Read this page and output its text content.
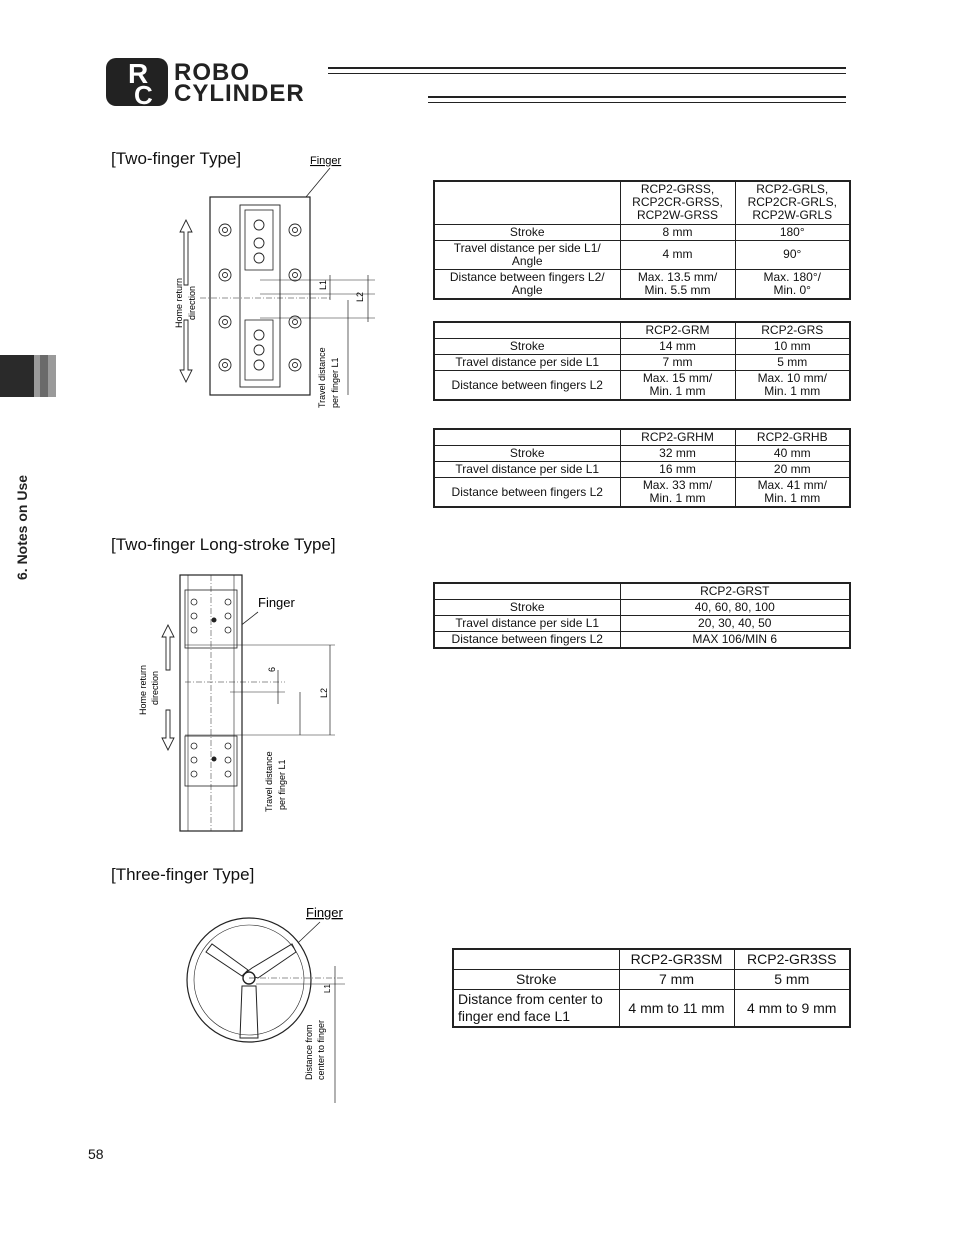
R
C
ROBO
CYLINDER
6. Notes on Use
[Two-finger Type]	Finger
Home return direction
L1
L2
Travel distance per finger L1
	RCP2-GRSS,
RCP2CR-GRSS,
RCP2W-GRSS	RCP2-GRLS,
RCP2CR-GRLS,
RCP2W-GRLS
Stroke	8 mm	180°
Travel distance per side L1/
Angle	4 mm	90°
Distance between fingers L2/
Angle	Max. 13.5 mm/
Min. 5.5 mm	Max. 180°/
Min. 0°
	RCP2-GRM	RCP2-GRS
Stroke	14 mm	10 mm
Travel distance per side L1	7 mm	5 mm
Distance between fingers L2	Max. 15 mm/
Min. 1 mm	Max. 10 mm/
Min. 1 mm
	RCP2-GRHM	RCP2-GRHB
Stroke	32 mm	40 mm
Travel distance per side L1	16 mm	20 mm
Distance between fingers L2	Max. 33 mm/
Min. 1 mm	Max. 41 mm/
Min. 1 mm
[Two-finger Long-stroke Type]
Finger
Home return direction
6
L2
Travel distance per finger L1
	RCP2-GRST
Stroke	40, 60, 80, 100
Travel distance per side L1	20, 30, 40, 50
Distance between fingers L2	MAX 106/MIN 6
[Three-finger Type]
Finger
L1
Distance from center to finger
	RCP2-GR3SM	RCP2-GR3SS
Stroke	7 mm	5 mm
Distance from center to
finger end face L1	4 mm to 11 mm	4 mm to 9 mm
58
